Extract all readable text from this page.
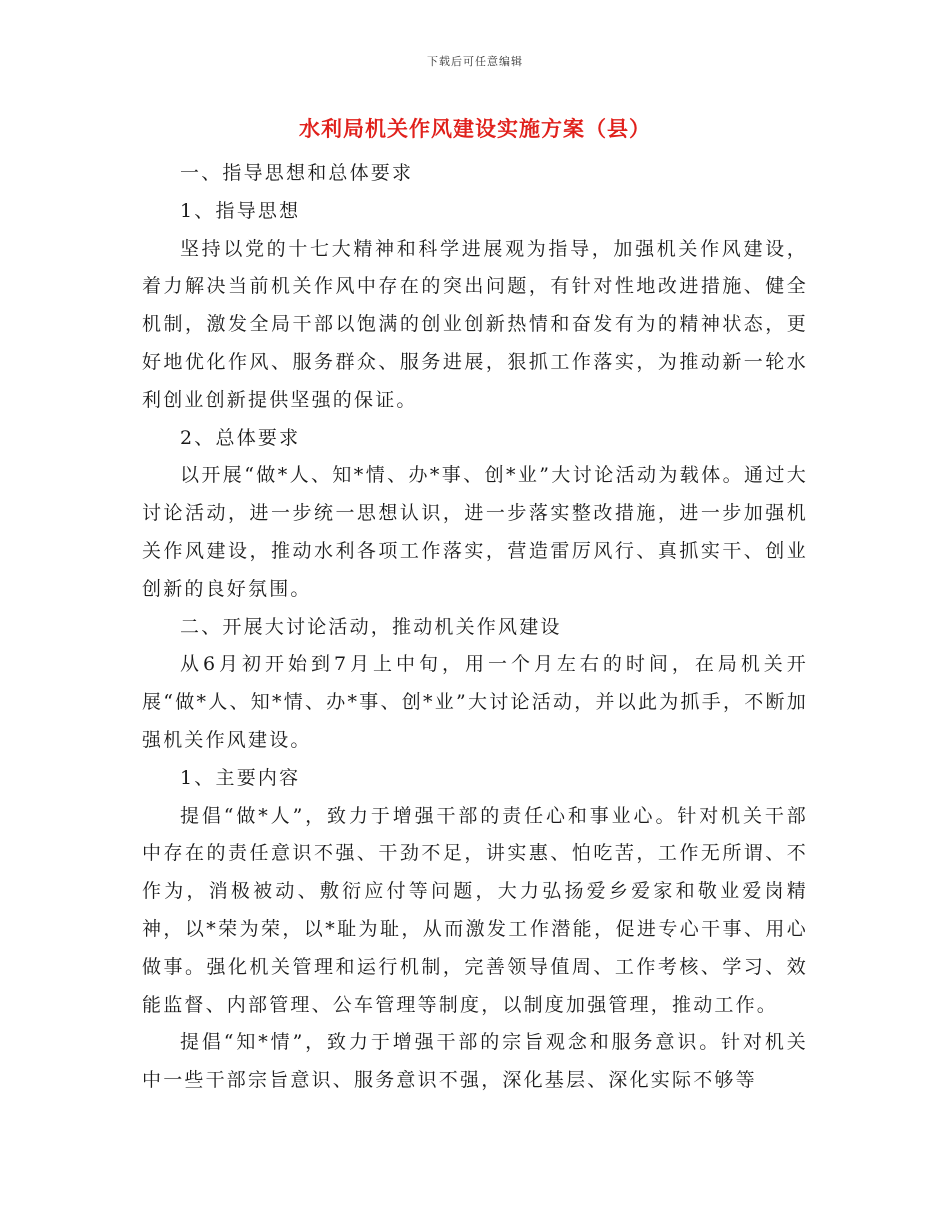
下载后可任意编辑
水利局机关作风建设实施方案（县）

一、指导思想和总体要求

1、指导思想

坚持以党的十七大精神和科学进展观为指导，加强机关作风建设，着力解决当前机关作风中存在的突出问题，有针对性地改进措施、健全机制，激发全局干部以饱满的创业创新热情和奋发有为的精神状态，更好地优化作风、服务群众、服务进展，狠抓工作落实，为推动新一轮水利创业创新提供坚强的保证。

2、总体要求

以开展“做*人、知*情、办*事、创*业”大讨论活动为载体。通过大讨论活动，进一步统一思想认识，进一步落实整改措施，进一步加强机关作风建设，推动水利各项工作落实，营造雷厉风行、真抓实干、创业创新的良好氛围。

二、开展大讨论活动，推动机关作风建设

从6月初开始到7月上中旬，用一个月左右的时间，在局机关开展“做*人、知*情、办*事、创*业”大讨论活动，并以此为抓手，不断加强机关作风建设。

1、主要内容

提倡“做*人”，致力于增强干部的责任心和事业心。针对机关干部中存在的责任意识不强、干劲不足，讲实惠、怕吃苦，工作无所谓、不作为，消极被动、敷衍应付等问题，大力弘扬爱乡爱家和敬业爱岗精神，以*荣为荣，以*耻为耻，从而激发工作潜能，促进专心干事、用心做事。强化机关管理和运行机制，完善领导值周、工作考核、学习、效能监督、内部管理、公车管理等制度，以制度加强管理，推动工作。

提倡“知*情”，致力于增强干部的宗旨观念和服务意识。针对机关中一些干部宗旨意识、服务意识不强，深化基层、深化实际不够等
